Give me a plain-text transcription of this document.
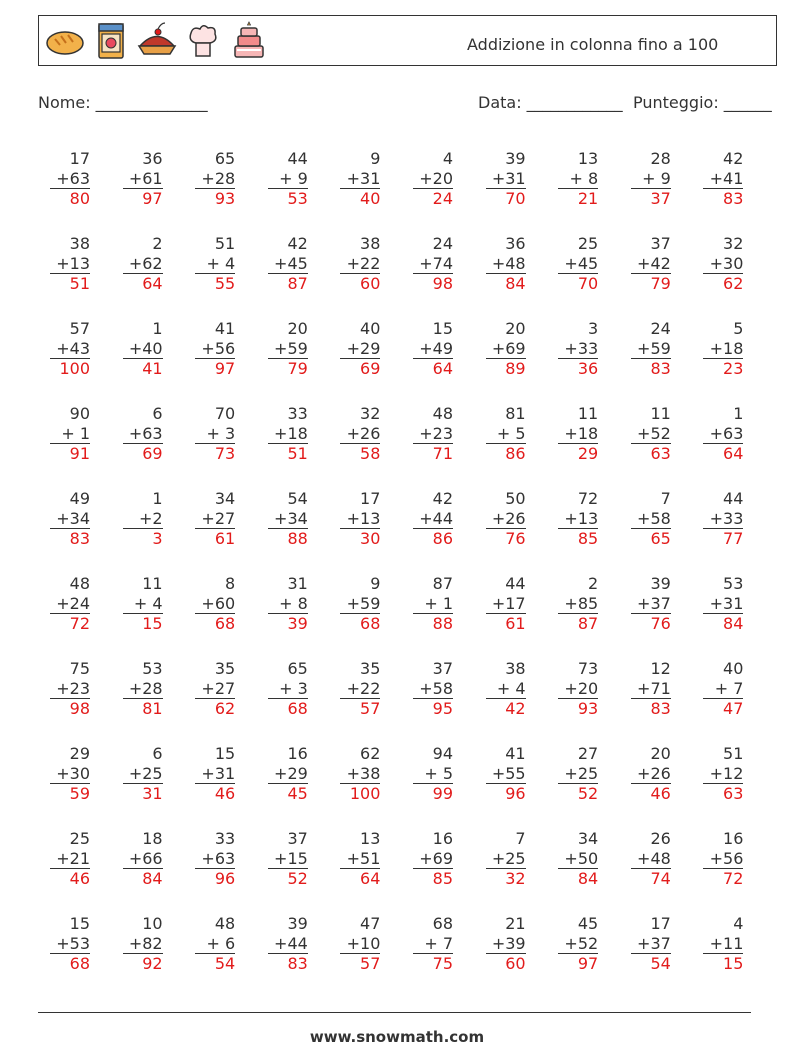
Addizione in colonna fino a 100
Nome: ______________	Data: ____________ Punteggio: ______
17
+63
80
36
+61
97
65
+28
93
44
+ 9
53
9
+31
40
4
+20
24
39
+31
70
13
+ 8
21
28
+ 9
37
42
+41
83
38
+13
51
2
+62
64
51
+ 4
55
42
+45
87
38
+22
60
24
+74
98
36
+48
84
25
+45
70
37
+42
79
32
+30
62
57
+43
100
1
+40
41
41
+56
97
20
+59
79
40
+29
69
15
+49
64
20
+69
89
3
+33
36
24
+59
83
5
+18
23
90
+ 1
91
6
+63
69
70
+ 3
73
33
+18
51
32
+26
58
48
+23
71
81
+ 5
86
11
+18
29
11
+52
63
1
+63
64
49
+34
83
1
+2
3
34
+27
61
54
+34
88
17
+13
30
42
+44
86
50
+26
76
72
+13
85
7
+58
65
44
+33
77
48
+24
72
11
+ 4
15
8
+60
68
31
+ 8
39
9
+59
68
87
+ 1
88
44
+17
61
2
+85
87
39
+37
76
53
+31
84
75
+23
98
53
+28
81
35
+27
62
65
+ 3
68
35
+22
57
37
+58
95
38
+ 4
42
73
+20
93
12
+71
83
40
+ 7
47
29
+30
59
6
+25
31
15
+31
46
16
+29
45
62
+38
100
94
+ 5
99
41
+55
96
27
+25
52
20
+26
46
51
+12
63
25
+21
46
18
+66
84
33
+63
96
37
+15
52
13
+51
64
16
+69
85
7
+25
32
34
+50
84
26
+48
74
16
+56
72
15
+53
68
10
+82
92
48
+ 6
54
39
+44
83
47
+10
57
68
+ 7
75
21
+39
60
45
+52
97
17
+37
54
4
+11
15
www.snowmath.com
